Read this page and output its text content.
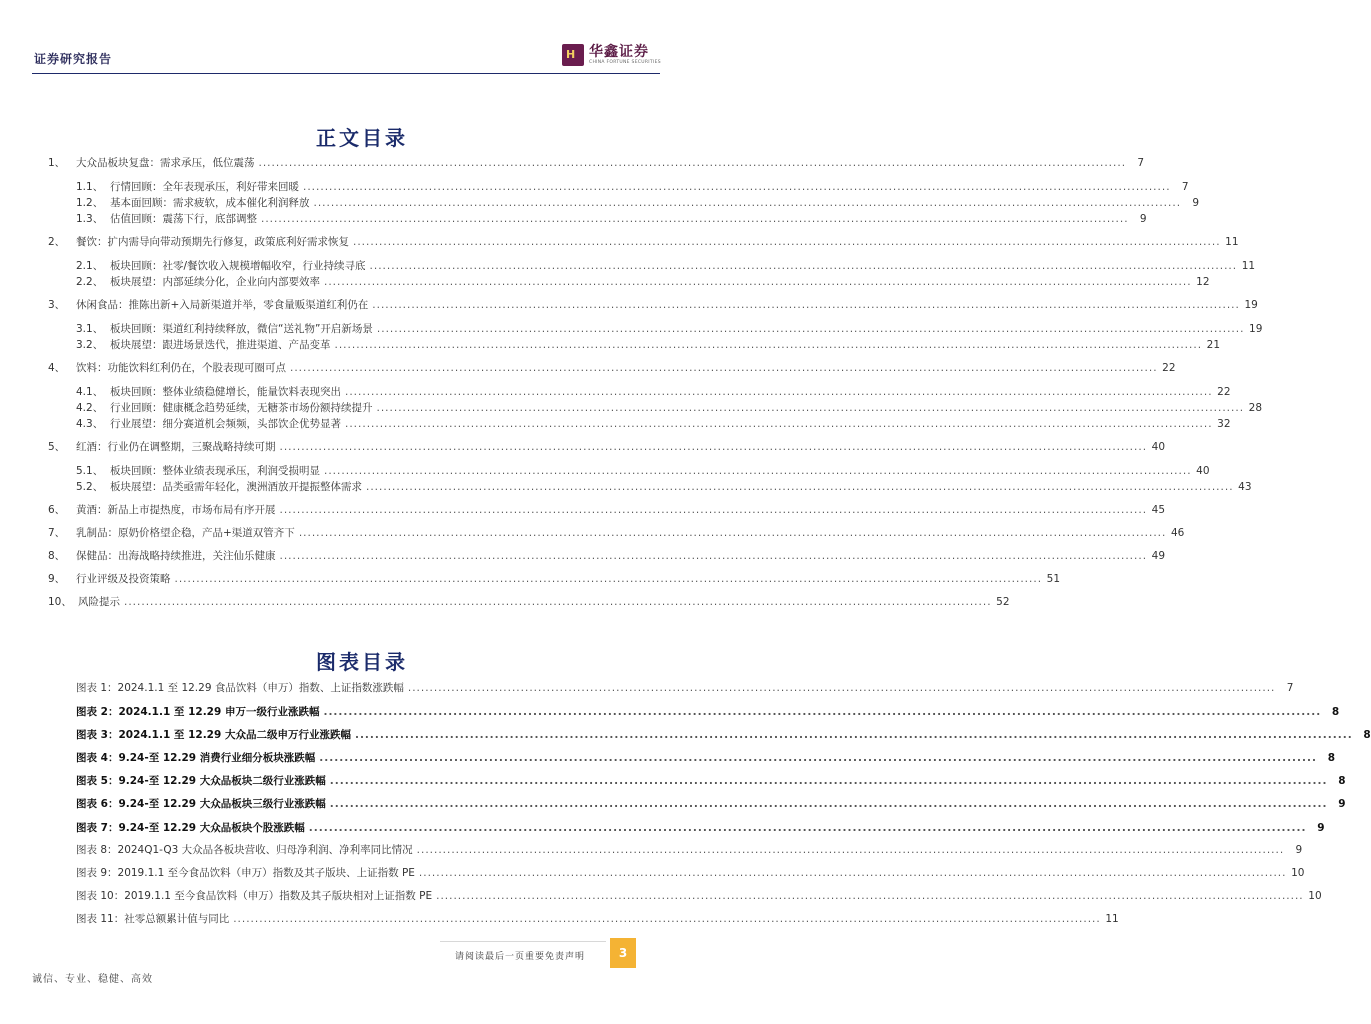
证券研究报告	H 华鑫证券
CHINA FORTUNE SECURITIES
正文目录
1、	大众品板块复盘：需求承压，低位震荡 ........................................................................................................................................................................................................	7
1.1、 行情回顾：全年表现承压，利好带来回暖 ........................................................................................................................................................................................................	7
1.2、 基本面回顾：需求疲软，成本催化利润释放 ........................................................................................................................................................................................................	9
1.3、 估值回顾：震荡下行，底部调整 ........................................................................................................................................................................................................	9
2、	餐饮：扩内需导向带动预期先行修复，政策底利好需求恢复 ........................................................................................................................................................................................................ 11
2.1、 板块回顾：社零/餐饮收入规模增幅收窄，行业持续寻底 ........................................................................................................................................................................................................ 11
2.2、 板块展望：内部延续分化，企业向内部要效率 ........................................................................................................................................................................................................ 12
3、	休闲食品：推陈出新+入局新渠道并举，零食量贩渠道红利仍在 ........................................................................................................................................................................................................ 19
3.1、 板块回顾：渠道红利持续释放，微信“送礼物”开启新场景 ........................................................................................................................................................................................................ 19
3.2、 板块展望：跟进场景迭代，推进渠道、产品变革 ........................................................................................................................................................................................................ 21
4、	饮料：功能饮料红利仍在，个股表现可圈可点 ........................................................................................................................................................................................................ 22
4.1、 板块回顾：整体业绩稳健增长，能量饮料表现突出 ........................................................................................................................................................................................................ 22
4.2、 行业回顾：健康概念趋势延续，无糖茶市场份额持续提升 ........................................................................................................................................................................................................ 28
4.3、 行业展望：细分赛道机会频频，头部饮企优势显著 ........................................................................................................................................................................................................ 32
5、	红酒：行业仍在调整期，三聚战略持续可期 ........................................................................................................................................................................................................ 40
5.1、 板块回顾：整体业绩表现承压，利润受损明显 ........................................................................................................................................................................................................ 40
5.2、 板块展望：品类亟需年轻化，澳洲酒放开提振整体需求 ........................................................................................................................................................................................................ 43
6、	黄酒：新品上市提热度，市场布局有序开展 ........................................................................................................................................................................................................ 45
7、	乳制品：原奶价格望企稳，产品+渠道双管齐下 ........................................................................................................................................................................................................ 46
8、	保健品：出海战略持续推进，关注仙乐健康 ........................................................................................................................................................................................................ 49
9、	行业评级及投资策略 ........................................................................................................................................................................................................ 51
10、 风险提示 ........................................................................................................................................................................................................ 52
图表目录
图表 1：2024.1.1 至 12.29 食品饮料（申万）指数、上证指数涨跌幅 ........................................................................................................................................................................................................	7
图表 2：2024.1.1 至 12.29 申万一级行业涨跌幅 ........................................................................................................................................................................................................	8
图表 3：2024.1.1 至 12.29 大众品二级申万行业涨跌幅 ........................................................................................................................................................................................................	8
图表 4：9.24-至 12.29 消费行业细分板块涨跌幅 ........................................................................................................................................................................................................	8
图表 5：9.24-至 12.29 大众品板块二级行业涨跌幅 ........................................................................................................................................................................................................	8
图表 6：9.24-至 12.29 大众品板块三级行业涨跌幅 ........................................................................................................................................................................................................	9
图表 7：9.24-至 12.29 大众品板块个股涨跌幅 ........................................................................................................................................................................................................	9
图表 8：2024Q1-Q3 大众品各板块营收、归母净利润、净利率同比情况 ........................................................................................................................................................................................................	9
图表 9：2019.1.1 至今食品饮料（申万）指数及其子版块、上证指数 PE ........................................................................................................................................................................................................ 10
图表 10：2019.1.1 至今食品饮料（申万）指数及其子版块相对上证指数 PE ........................................................................................................................................................................................................ 10
图表 11：社零总额累计值与同比 ........................................................................................................................................................................................................ 11
请阅读最后一页重要免责声明	3
诚信、专业、稳健、高效
